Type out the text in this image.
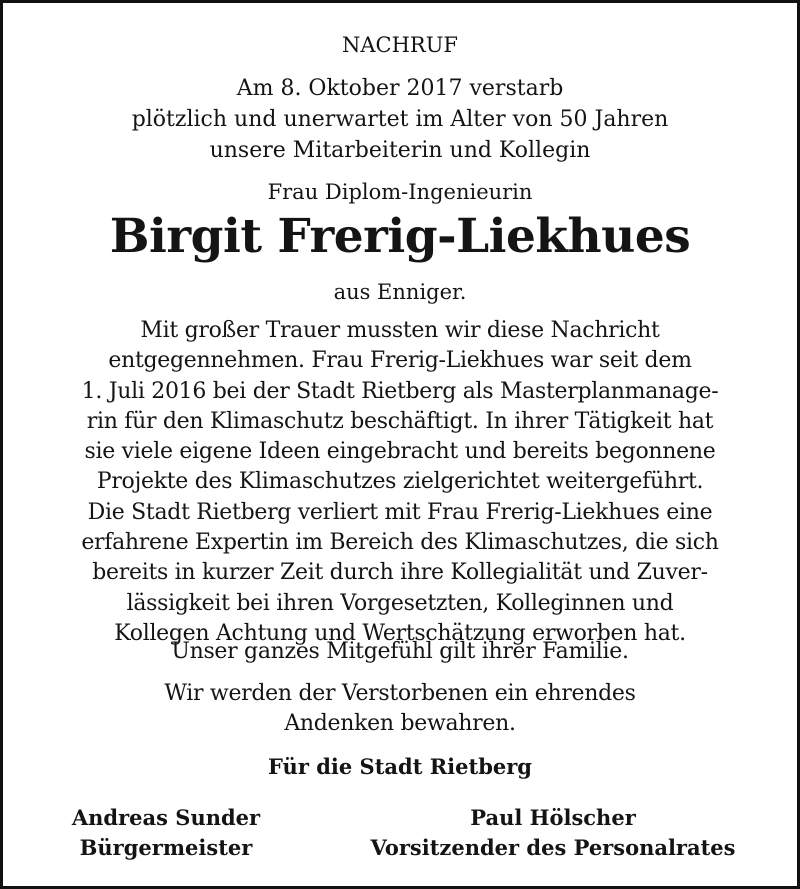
NACHRUF
Am 8. Oktober 2017 verstarb
plötzlich und unerwartet im Alter von 50 Jahren
unsere Mitarbeiterin und Kollegin
Frau Diplom-Ingenieurin
Birgit Frerig-Liekhues
aus Enniger.
Mit großer Trauer mussten wir diese Nachricht
entgegennehmen. Frau Frerig-Liekhues war seit dem
1. Juli 2016 bei der Stadt Rietberg als Masterplanmanage-
rin für den Klimaschutz beschäftigt. In ihrer Tätigkeit hat
sie viele eigene Ideen eingebracht und bereits begonnene
Projekte des Klimaschutzes zielgerichtet weitergeführt.
Die Stadt Rietberg verliert mit Frau Frerig-Liekhues eine
erfahrene Expertin im Bereich des Klimaschutzes, die sich
bereits in kurzer Zeit durch ihre Kollegialität und Zuver-
lässigkeit bei ihren Vorgesetzten, Kolleginnen und
Kollegen Achtung und Wertschätzung erworben hat.
Unser ganzes Mitgefühl gilt ihrer Familie.
Wir werden der Verstorbenen ein ehrendes
Andenken bewahren.
Für die Stadt Rietberg
Andreas Sunder
Bürgermeister
Paul Hölscher
Vorsitzender des Personalrates
